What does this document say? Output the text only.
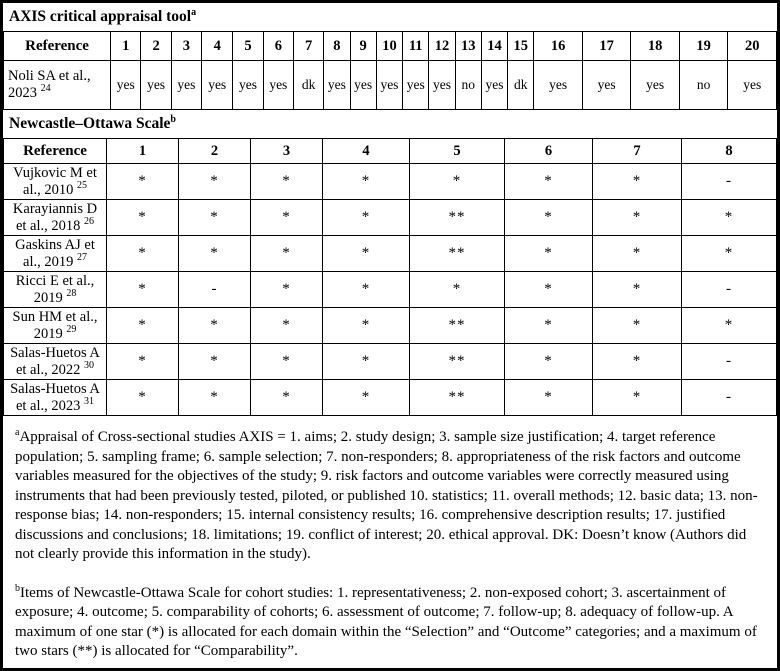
AXIS critical appraisal tool$^a$
Reference	1	2	3	4	5	6	7	8	9	10	11	12	13	14	15	16	17	18	19	20
Noli SA et al., 2023 $^{24}$	yes	yes	yes	yes	yes	yes	dk	yes	yes	yes	yes	yes	no	yes	dk	yes	yes	yes	no	yes
Newcastle–Ottawa Scale$^b$
Reference	1	2	3	4	5	6	7	8
Vujkovic M et al., 2010 $^{25}$	*	*	*	*	*	*	*	-
Karayiannis D et al., 2018 $^{26}$	*	*	*	*	**	*	*	*
Gaskins AJ et al., 2019 $^{27}$	*	*	*	*	**	*	*	*
Ricci E et al., 2019 $^{28}$	*	-	*	*	*	*	*	-
Sun HM et al., 2019 $^{29}$	*	*	*	*	**	*	*	*
Salas-Huetos A et al., 2022 $^{30}$	*	*	*	*	**	*	*	-
Salas-Huetos A et al., 2023 $^{31}$	*	*	*	*	**	*	*	-

$^a$Appraisal of Cross-sectional studies AXIS = 1. aims; 2. study design; 3. sample size justification; 4. target reference population; 5. sampling frame; 6. sample selection; 7. non-responders; 8. appropriateness of the risk factors and outcome variables measured for the objectives of the study; 9. risk factors and outcome variables were correctly measured using instruments that had been previously tested, piloted, or published 10. statistics; 11. overall methods; 12. basic data; 13. non-response bias; 14. non-responders; 15. internal consistency results; 16. comprehensive description results; 17. justified discussions and conclusions; 18. limitations; 19. conflict of interest; 20. ethical approval. DK: Doesn’t know (Authors did not clearly provide this information in the study).

$^b$Items of Newcastle-Ottawa Scale for cohort studies: 1. representativeness; 2. non-exposed cohort; 3. ascertainment of exposure; 4. outcome; 5. comparability of cohorts; 6. assessment of outcome; 7. follow-up; 8. adequacy of follow-up. A maximum of one star (*) is allocated for each domain within the “Selection” and “Outcome” categories; and a maximum of two stars (**) is allocated for “Comparability”.
